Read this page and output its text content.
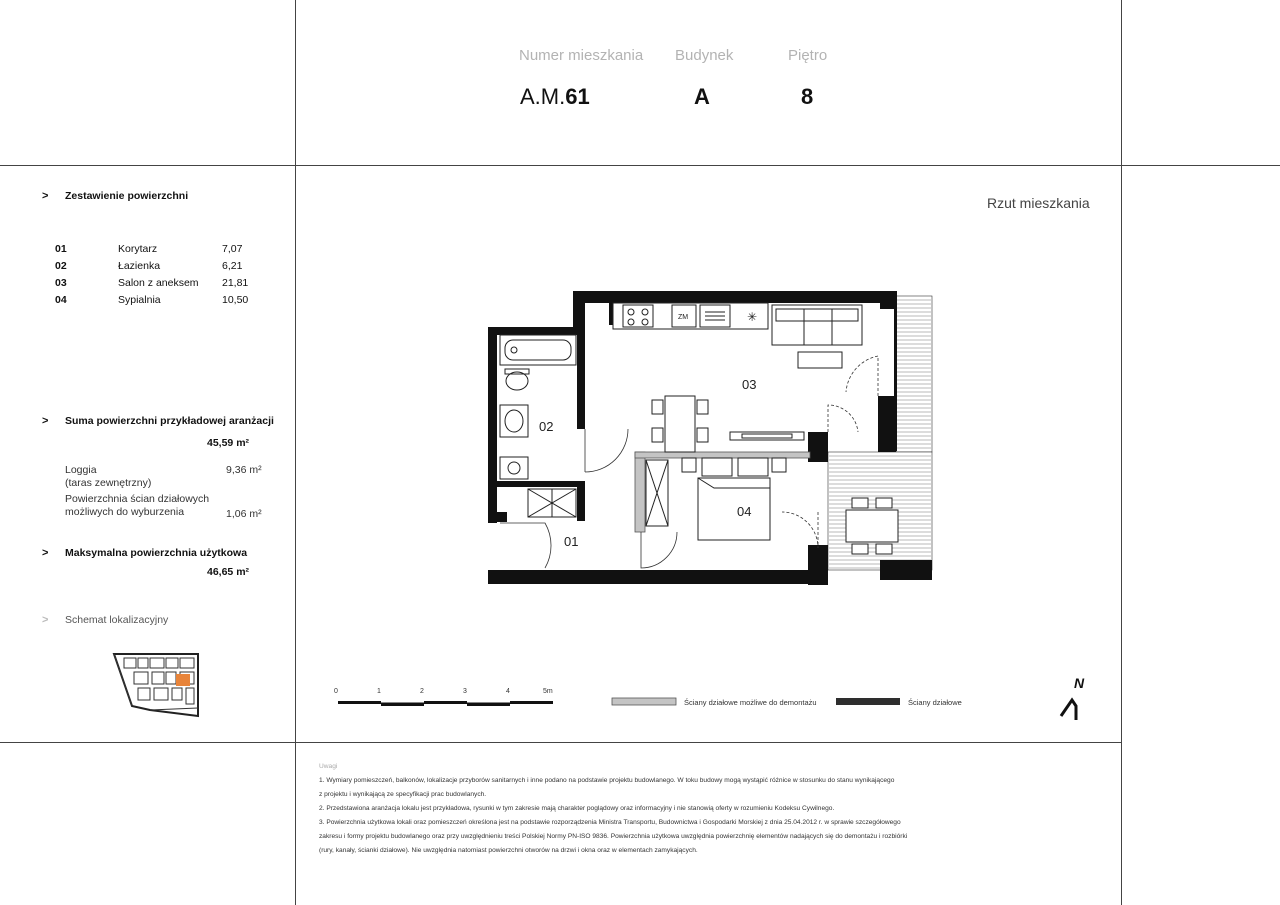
Numer mieszkania Budynek	Piętro
A.M.61	A	8
> Zestawienie powierzchni
01	Korytarz	7,07
02	Łazienka	6,21
03	Salon z aneksem 21,81
04	Sypialnia	10,50
> Suma powierzchni przykładowej aranżacji
45,59 m²
Loggia
(taras zewnętrzny)
9,36 m²
Powierzchnia ścian działowych
możliwych do wyburzenia	1,06 m²
> Maksymalna powierzchnia użytkowa
46,65 m²
> Schemat lokalizacyjny
Rzut mieszkania
ZM	✳
N
01
02
03
04
0	1	2	3	4	5m
Ściany działowe możliwe do demontażu	Ściany działowe
Uwagi
1. Wymiary pomieszczeń, balkonów, lokalizacje przyborów sanitarnych i inne podano na podstawie projektu budowlanego. W toku budowy mogą wystąpić różnice w stosunku do stanu wynikającego
z projektu i wynikającą ze specyfikacji prac budowlanych.
2. Przedstawiona aranżacja lokalu jest przykładowa, rysunki w tym zakresie mają charakter poglądowy oraz informacyjny i nie stanowią oferty w rozumieniu Kodeksu Cywilnego.
3. Powierzchnia użytkowa lokali oraz pomieszczeń określona jest na podstawie rozporządzenia Ministra Transportu, Budownictwa i Gospodarki Morskiej z dnia 25.04.2012 r. w sprawie szczegółowego
zakresu i formy projektu budowlanego oraz przy uwzględnieniu treści Polskiej Normy PN-ISO 9836. Powierzchnia użytkowa uwzględnia powierzchnię elementów nadających się do demontażu i rozbiórki
(rury, kanały, ścianki działowe). Nie uwzględnia natomiast powierzchni otworów na drzwi i okna oraz w elementach zamykających.
